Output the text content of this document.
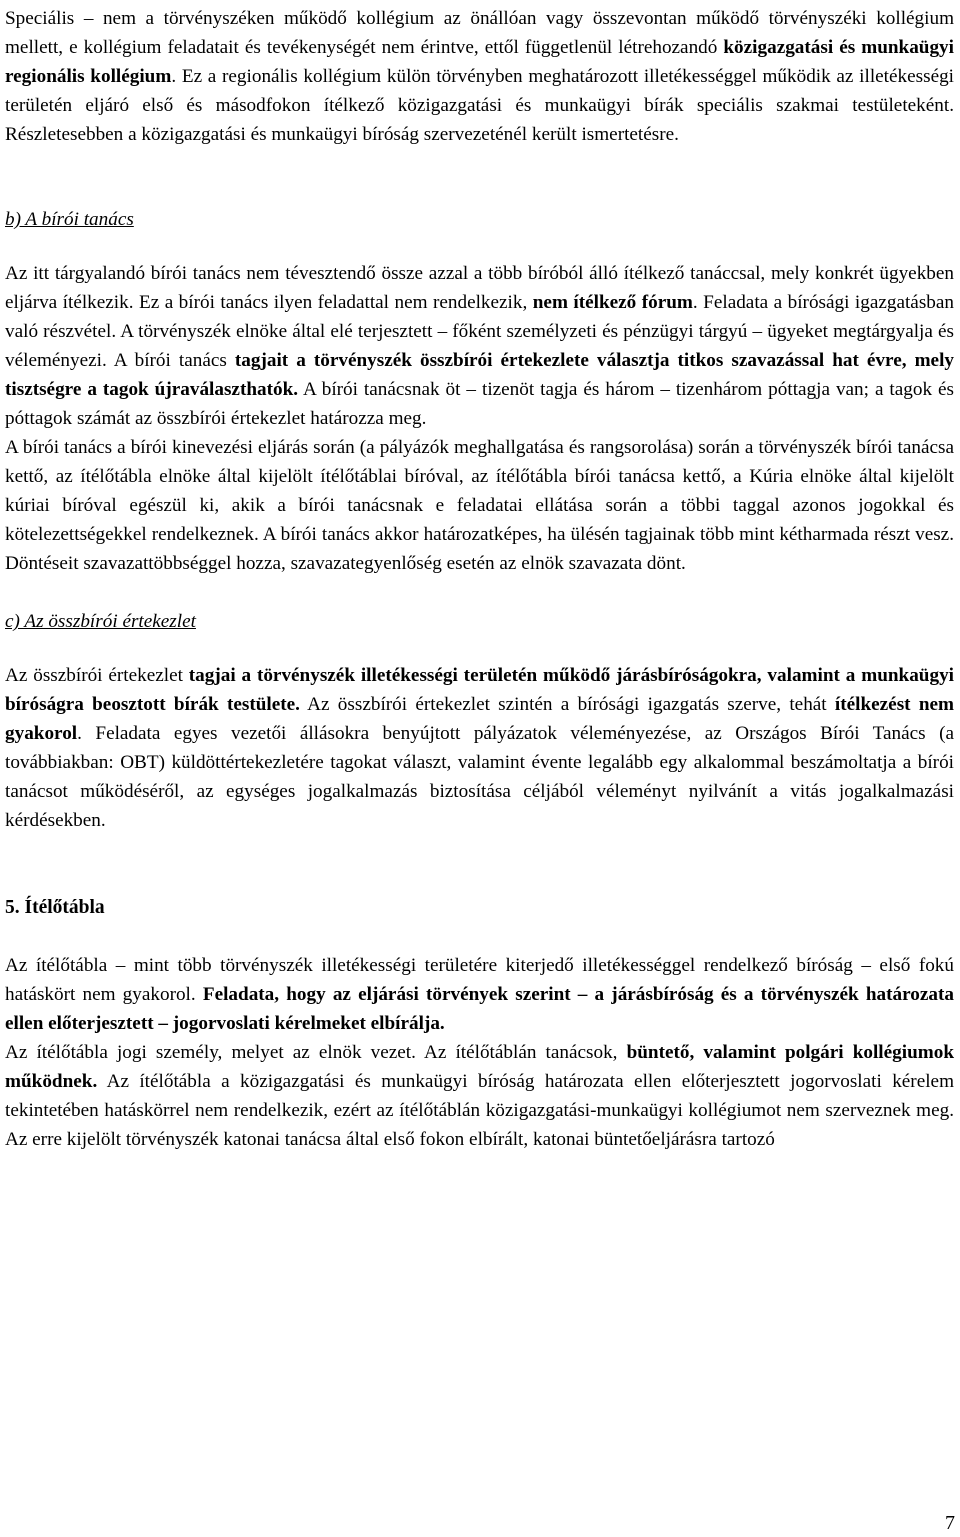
Speciális – nem a törvényszéken működő kollégium az önállóan vagy összevontan működő törvényszéki kollégium mellett, e kollégium feladatait és tevékenységét nem érintve, ettől függetlenül létrehozandó közigazgatási és munkaügyi regionális kollégium. Ez a regionális kollégium külön törvényben meghatározott illetékességgel működik az illetékességi területén eljáró első és másodfokon ítélkező közigazgatási és munkaügyi bírák speciális szakmai testületeként. Részletesebben a közigazgatási és munkaügyi bíróság szervezeténél került ismertetésre.

b) A bírói tanács

Az itt tárgyalandó bírói tanács nem tévesztendő össze azzal a több bíróból álló ítélkező tanáccsal, mely konkrét ügyekben eljárva ítélkezik. Ez a bírói tanács ilyen feladattal nem rendelkezik, nem ítélkező fórum. Feladata a bírósági igazgatásban való részvétel. A törvényszék elnöke által elé terjesztett – főként személyzeti és pénzügyi tárgyú – ügyeket megtárgyalja és véleményezi. A bírói tanács tagjait a törvényszék összbírói értekezlete választja titkos szavazással hat évre, mely tisztségre a tagok újraválaszthatók. A bírói tanácsnak öt – tizenöt tagja és három – tizenhárom póttagja van; a tagok és póttagok számát az összbírói értekezlet határozza meg.

A bírói tanács a bírói kinevezési eljárás során (a pályázók meghallgatása és rangsorolása) során a törvényszék bírói tanácsa kettő, az ítélőtábla elnöke által kijelölt ítélőtáblai bíróval, az ítélőtábla bírói tanácsa kettő, a Kúria elnöke által kijelölt kúriai bíróval egészül ki, akik a bírói tanácsnak e feladatai ellátása során a többi taggal azonos jogokkal és kötelezettségekkel rendelkeznek. A bírói tanács akkor határozatképes, ha ülésén tagjainak több mint kétharmada részt vesz. Döntéseit szavazattöbbséggel hozza, szavazategyenlőség esetén az elnök szavazata dönt.

c) Az összbírói értekezlet

Az összbírói értekezlet tagjai a törvényszék illetékességi területén működő járásbíróságokra, valamint a munkaügyi bíróságra beosztott bírák testülete. Az összbírói értekezlet szintén a bírósági igazgatás szerve, tehát ítélkezést nem gyakorol. Feladata egyes vezetői állásokra benyújtott pályázatok véleményezése, az Országos Bírói Tanács (a továbbiakban: OBT) küldöttértekezletére tagokat választ, valamint évente legalább egy alkalommal beszámoltatja a bírói tanácsot működéséről, az egységes jogalkalmazás biztosítása céljából véleményt nyilvánít a vitás jogalkalmazási kérdésekben.

5. Ítélőtábla

Az ítélőtábla – mint több törvényszék illetékességi területére kiterjedő illetékességgel rendelkező bíróság – első fokú hatáskört nem gyakorol. Feladata, hogy az eljárási törvények szerint – a járásbíróság és a törvényszék határozata ellen előterjesztett – jogorvoslati kérelmeket elbírálja.

Az ítélőtábla jogi személy, melyet az elnök vezet. Az ítélőtáblán tanácsok, büntető, valamint polgári kollégiumok működnek. Az ítélőtábla a közigazgatási és munkaügyi bíróság határozata ellen előterjesztett jogorvoslati kérelem tekintetében hatáskörrel nem rendelkezik, ezért az ítélőtáblán közigazgatási-munkaügyi kollégiumot nem szerveznek meg. Az erre kijelölt törvényszék katonai tanácsa által első fokon elbírált, katonai büntetőeljárásra tartozó

7
